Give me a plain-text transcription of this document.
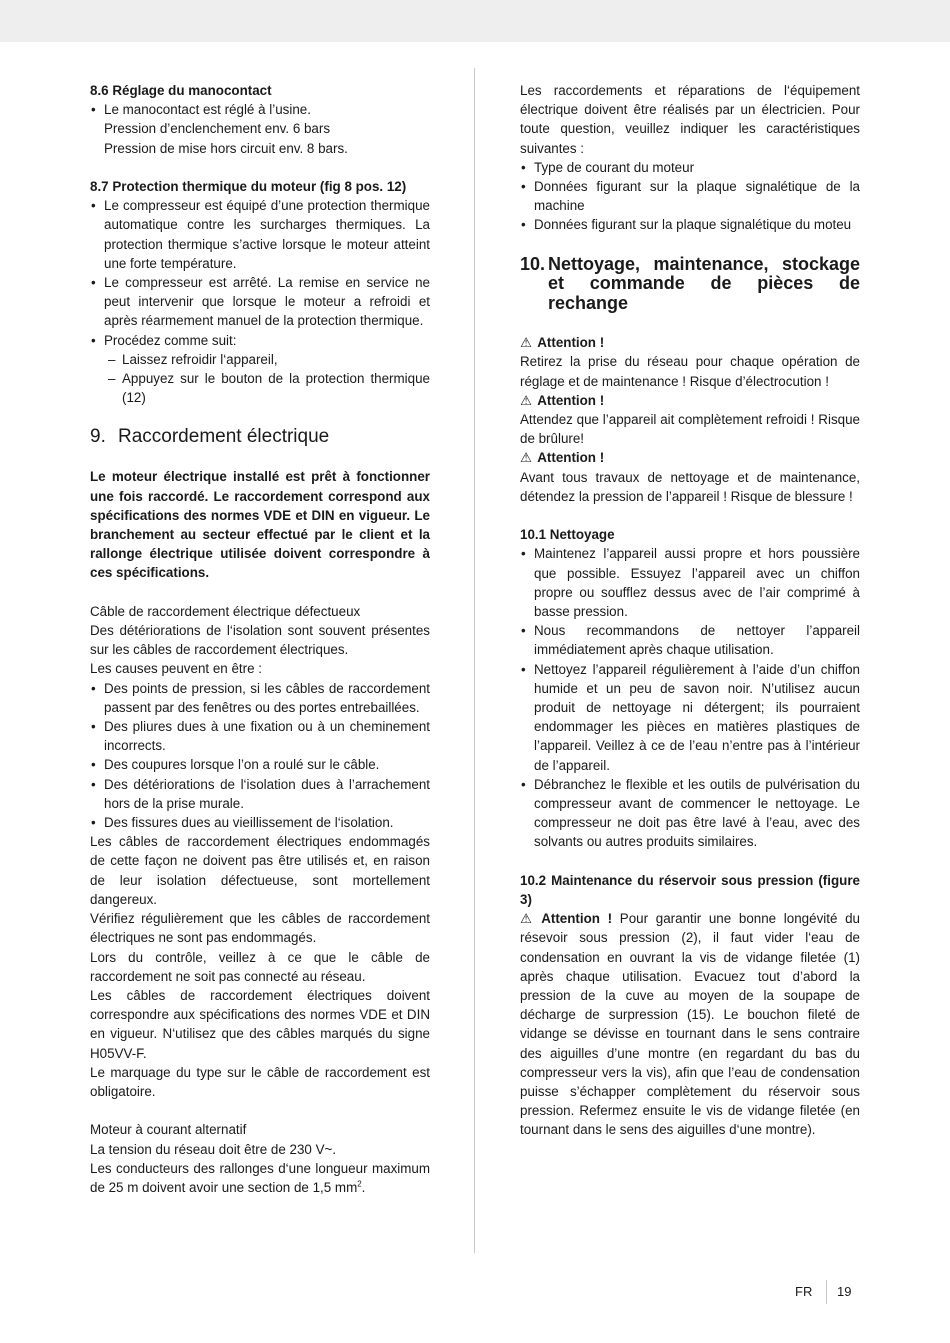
8.6 Réglage du manocontact
• Le manocontact est réglé à l’usine.
Pression d’enclenchement env. 6 bars
Pression de mise hors circuit env. 8 bars.
8.7 Protection thermique du moteur (fig 8 pos. 12)
• Le compresseur est équipé d’une protection thermique automatique contre les surcharges thermiques. La protection thermique s’active lorsque le moteur atteint une forte température.
• Le compresseur est arrêté. La remise en service ne peut intervenir que lorsque le moteur a refroidi et après réarmement manuel de la protection thermique.
• Procédez comme suit:
– Laissez refroidir l‘appareil,
– Appuyez sur le bouton de la protection thermique (12)
9. Raccordement électrique

Le moteur électrique installé est prêt à fonctionner une fois raccordé. Le raccordement correspond aux spécifications des normes VDE et DIN en vigueur. Le branchement au secteur effectué par le client et la rallonge électrique utilisée doivent correspondre à ces spécifications.

Câble de raccordement électrique défectueux

Des détériorations de l‘isolation sont souvent présentes sur les câbles de raccordement électriques.

Les causes peuvent en être :

• Des points de pression, si les câbles de raccordement passent par des fenêtres ou des portes entrebaillées.
• Des pliures dues à une fixation ou à un cheminement incorrects.
• Des coupures lorsque l’on a roulé sur le câble.
• Des détériorations de l‘isolation dues à l’arrachement hors de la prise murale.
• Des fissures dues au vieillissement de l‘isolation.

Les câbles de raccordement électriques endommagés de cette façon ne doivent pas être utilisés et, en raison de leur isolation défectueuse, sont mortellement dangereux.

Vérifiez régulièrement que les câbles de raccordement électriques ne sont pas endommagés.

Lors du contrôle, veillez à ce que le câble de raccordement ne soit pas connecté au réseau.

Les câbles de raccordement électriques doivent correspondre aux spécifications des normes VDE et DIN en vigueur. N‘utilisez que des câbles marqués du signe H05VV-F.

Le marquage du type sur le câble de raccordement est obligatoire.

Moteur à courant alternatif

La tension du réseau doit être de 230 V~.

Les conducteurs des rallonges d‘une longueur maximum de 25 m doivent avoir une section de 1,5 $mm^2$.

Les raccordements et réparations de l‘équipement électrique doivent être réalisés par un électricien. Pour toute question, veuillez indiquer les caractéristiques suivantes :

• Type de courant du moteur
• Données figurant sur la plaque signalétique de la machine
• Données figurant sur la plaque signalétique du moteu
10. Nettoyage, maintenance, stockage et commande de pièces de rechange

⚠ Attention !

Retirez la prise du réseau pour chaque opération de réglage et de maintenance ! Risque d’électrocution !

⚠ Attention !

Attendez que l’appareil ait complètement refroidi ! Risque de brûlure!

⚠ Attention !

Avant tous travaux de nettoyage et de maintenance, détendez la pression de l’appareil ! Risque de blessure !

10.1 Nettoyage
• Maintenez l’appareil aussi propre et hors poussière que possible. Essuyez l’appareil avec un chiffon propre ou soufflez dessus avec de l’air comprimé à basse pression.
• Nous recommandons de nettoyer l’appareil immédiatement après chaque utilisation.
• Nettoyez l’appareil régulièrement à l’aide d’un chiffon humide et un peu de savon noir. N’utilisez aucun produit de nettoyage ni détergent; ils pourraient endommager les pièces en matières plastiques de l’appareil. Veillez à ce de l’eau n’entre pas à l’intérieur de l’appareil.
• Débranchez le flexible et les outils de pulvérisation du compresseur avant de commencer le nettoyage. Le compresseur ne doit pas être lavé à l’eau, avec des solvants ou autres produits similaires.
10.2 Maintenance du réservoir sous pression (figure 3)

⚠ Attention ! Pour garantir une bonne longévité du résevoir sous pression (2), il faut vider l‘eau de condensation en ouvrant la vis de vidange filetée (1) après chaque utilisation. Evacuez tout d’abord la pression de la cuve au moyen de la soupape de décharge de surpression (15). Le bouchon fileté de vidange se dévisse en tournant dans le sens contraire des aiguilles d’une montre (en regardant du bas du compresseur vers la vis), afin que l’eau de condensation puisse s’échapper complètement du réservoir sous pression. Refermez ensuite le vis de vidange filetée (en tournant dans le sens des aiguilles d‘une montre).

FR 19
